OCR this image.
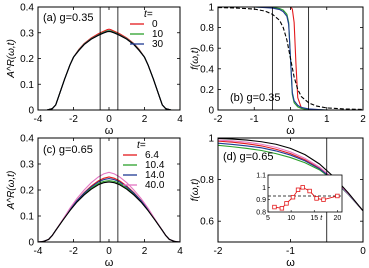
-4	-2	0	2	4
0
0.1
0.2
0.3
0.4
(a) g=0.35
ω
A^R(ω,t)
t=
0
10
30
-2	-1	0	1	2
0
0.2
0.4
0.6
0.8
1
(b) g=0.35
ω
f(ω,t)
-4	-2	0	2	4
0
0.1
0.2
0.3
0.4
(c) g=0.65
ω
A^R(ω,t)
t=
6.4
10.4
14.0
40.0
-2	-1	0
0.6
0.8
1
(d) g=0.65
ω
f(ω,t)
5 10 15 20
0.8
0.9
1
1.1
t
